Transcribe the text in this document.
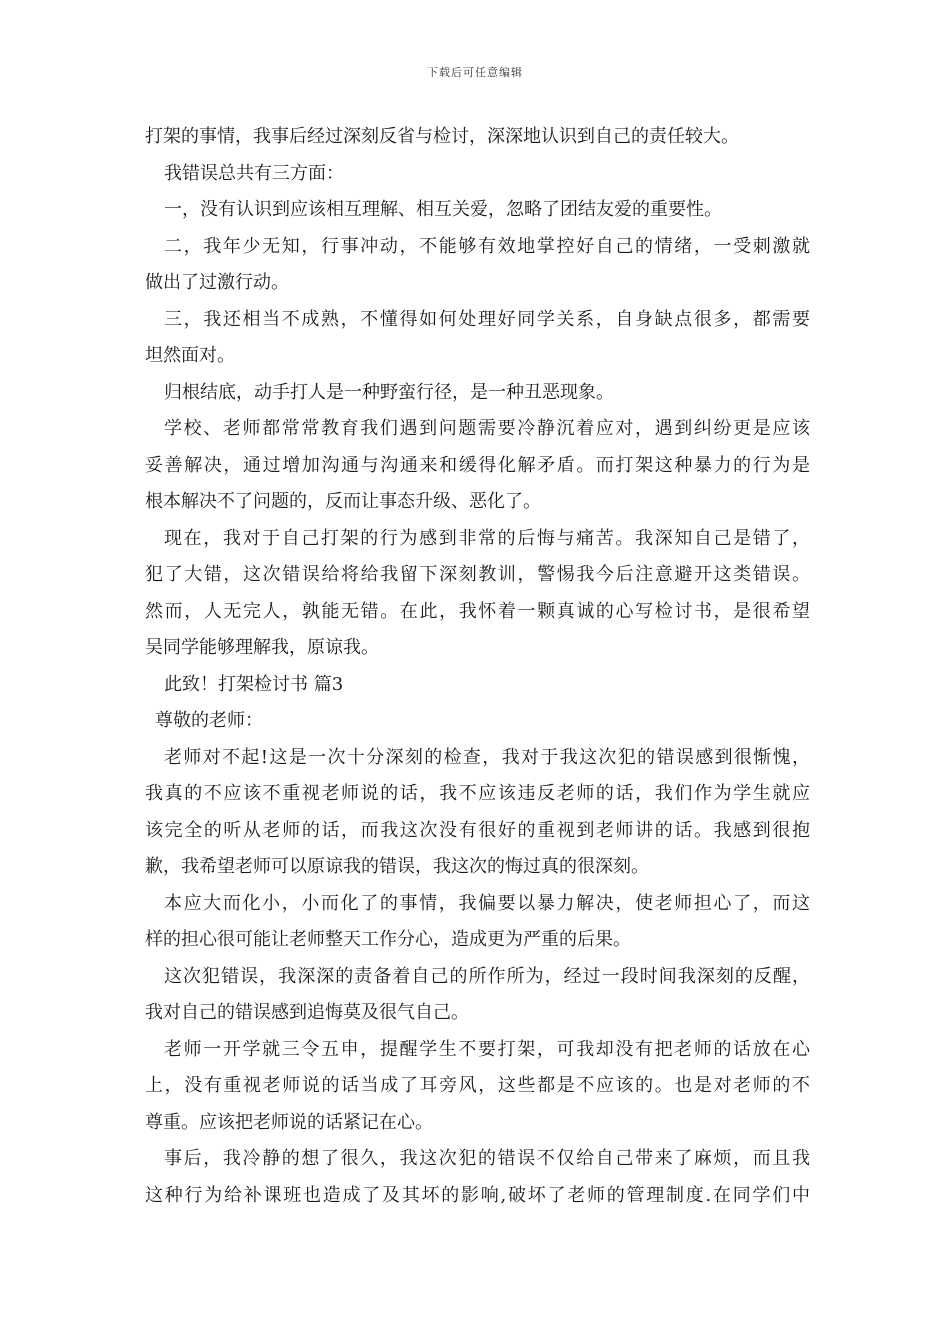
下载后可任意编辑
打架的事情，我事后经过深刻反省与检讨，深深地认识到自己的责任较大。
我错误总共有三方面：
一，没有认识到应该相互理解、相互关爱，忽略了团结友爱的重要性。
二，我年少无知，行事冲动，不能够有效地掌控好自己的情绪，一受刺激就
做出了过激行动。
三，我还相当不成熟，不懂得如何处理好同学关系，自身缺点很多，都需要
坦然面对。
归根结底，动手打人是一种野蛮行径，是一种丑恶现象。
学校、老师都常常教育我们遇到问题需要冷静沉着应对，遇到纠纷更是应该
妥善解决，通过增加沟通与沟通来和缓得化解矛盾。而打架这种暴力的行为是
根本解决不了问题的，反而让事态升级、恶化了。
现在，我对于自己打架的行为感到非常的后悔与痛苦。我深知自己是错了，
犯了大错，这次错误给将给我留下深刻教训，警惕我今后注意避开这类错误。
然而，人无完人，孰能无错。在此，我怀着一颗真诚的心写检讨书，是很希望
吴同学能够理解我，原谅我。
此致！打架检讨书 篇3
尊敬的老师：
老师对不起!这是一次十分深刻的检查，我对于我这次犯的错误感到很惭愧，
我真的不应该不重视老师说的话，我不应该违反老师的话，我们作为学生就应
该完全的听从老师的话，而我这次没有很好的重视到老师讲的话。我感到很抱
歉，我希望老师可以原谅我的错误，我这次的悔过真的很深刻。
本应大而化小，小而化了的事情，我偏要以暴力解决，使老师担心了，而这
样的担心很可能让老师整天工作分心，造成更为严重的后果。
这次犯错误，我深深的责备着自己的所作所为，经过一段时间我深刻的反醒，
我对自己的错误感到追悔莫及很气自己。
老师一开学就三令五申，提醒学生不要打架，可我却没有把老师的话放在心
上，没有重视老师说的话当成了耳旁风，这些都是不应该的。也是对老师的不
尊重。应该把老师说的话紧记在心。
事后，我冷静的想了很久，我这次犯的错误不仅给自己带来了麻烦，而且我
这种行为给补课班也造成了及其坏的影响,破坏了老师的管理制度.在同学们中
